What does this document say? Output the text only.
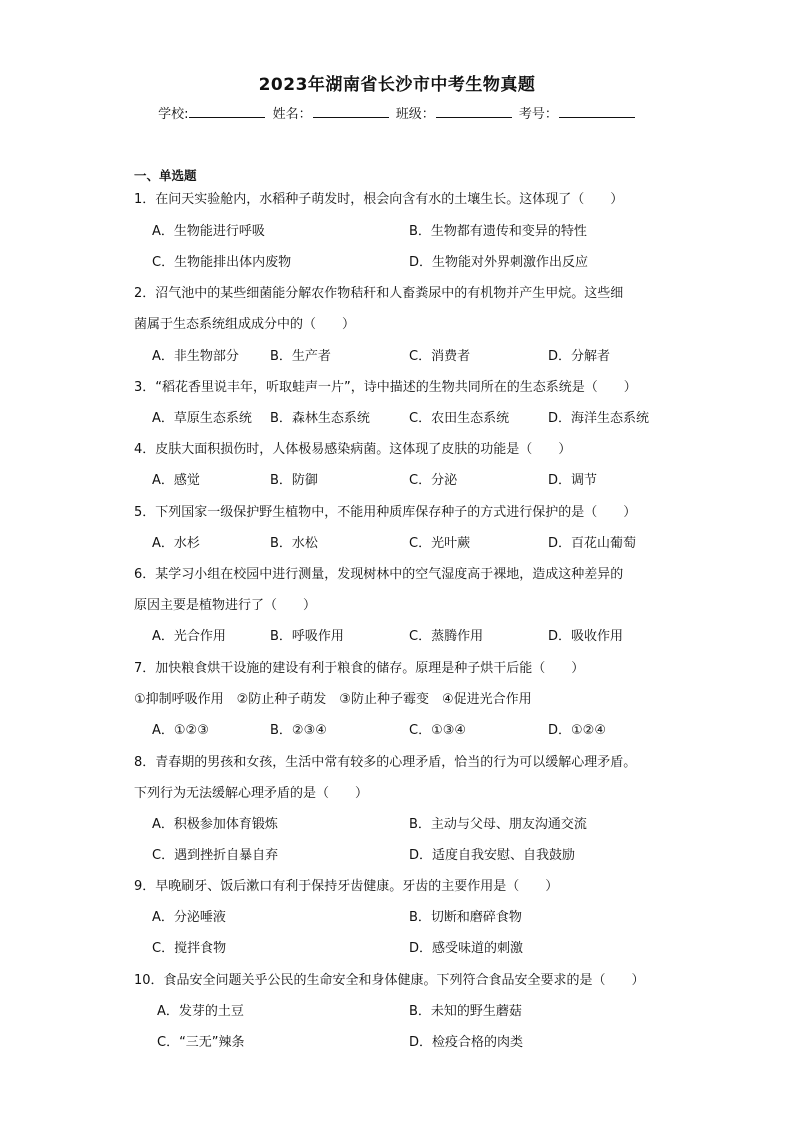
2023年湖南省长沙市中考生物真题
学校:	姓名：	班级：	考号：
一、单选题
1．在问天实验舱内，水稻种子萌发时，根会向含有水的土壤生长。这体现了（　　）
A．生物能进行呼吸	B．生物都有遗传和变异的特性
C．生物能排出体内废物	D．生物能对外界刺激作出反应
2．沼气池中的某些细菌能分解农作物秸秆和人畜粪尿中的有机物并产生甲烷。这些细
菌属于生态系统组成成分中的（　　）
A．非生物部分 B．生产者	C．消费者	D．分解者
3．“稻花香里说丰年，听取蛙声一片”，诗中描述的生物共同所在的生态系统是（　　）
A．草原生态系统 B．森林生态系统	C．农田生态系统	D．海洋生态系统
4．皮肤大面积损伤时，人体极易感染病菌。这体现了皮肤的功能是（　　）
A．感觉	B．防御	C．分泌	D．调节
5．下列国家一级保护野生植物中，不能用种质库保存种子的方式进行保护的是（　　）
A．水杉	B．水松	C．光叶蕨	D．百花山葡萄
6．某学习小组在校园中进行测量，发现树林中的空气湿度高于裸地，造成这种差异的
原因主要是植物进行了（　　）
A．光合作用	B．呼吸作用	C．蒸腾作用	D．吸收作用
7．加快粮食烘干设施的建设有利于粮食的储存。原理是种子烘干后能（　　）
①抑制呼吸作用　②防止种子萌发　③防止种子霉变　④促进光合作用
A．①②③	B．②③④	C．①③④	D．①②④
8．青春期的男孩和女孩，生活中常有较多的心理矛盾，恰当的行为可以缓解心理矛盾。
下列行为无法缓解心理矛盾的是（　　）
A．积极参加体育锻炼	B．主动与父母、朋友沟通交流
C．遇到挫折自暴自弃	D．适度自我安慰、自我鼓励
9．早晚刷牙、饭后漱口有利于保持牙齿健康。牙齿的主要作用是（　　）
A．分泌唾液	B．切断和磨碎食物
C．搅拌食物	D．感受味道的刺激
10．食品安全问题关乎公民的生命安全和身体健康。下列符合食品安全要求的是（　　）
A．发芽的土豆	B．未知的野生蘑菇
C．“三无”辣条	D．检疫合格的肉类
